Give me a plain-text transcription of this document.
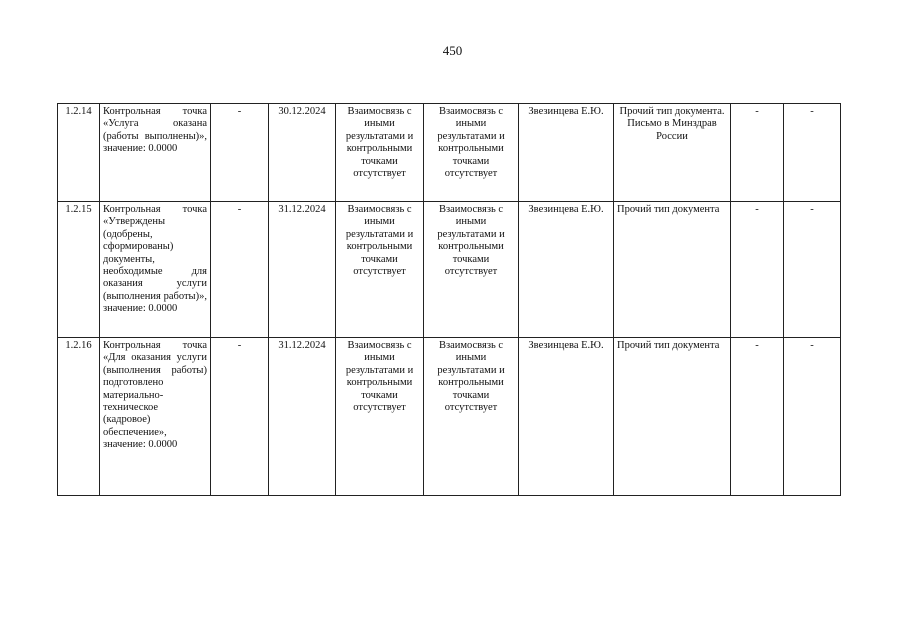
450
1.2.14	Контрольная точка «Услуга оказана (работы выполнены)», значение: 0.0000	-	30.12.2024	Взаимосвязь с иными результатами и контрольными точками отсутствует	Взаимосвязь с иными результатами и контрольными точками отсутствует	Звезинцева Е.Ю.	Прочий тип документа. Письмо в Минздрав России	-	-
1.2.15	Контрольная точка «Утверждены (одобрены, сформированы) документы, необходимые для оказания услуги (выполнения работы)», значение: 0.0000	-	31.12.2024	Взаимосвязь с иными результатами и контрольными точками отсутствует	Взаимосвязь с иными результатами и контрольными точками отсутствует	Звезинцева Е.Ю.	Прочий тип документа	-	-
1.2.16	Контрольная точка «Для оказания услуги (выполнения работы) подготовлено материально-техническое (кадровое) обеспечение», значение: 0.0000	-	31.12.2024	Взаимосвязь с иными результатами и контрольными точками отсутствует	Взаимосвязь с иными результатами и контрольными точками отсутствует	Звезинцева Е.Ю.	Прочий тип документа	-	-
